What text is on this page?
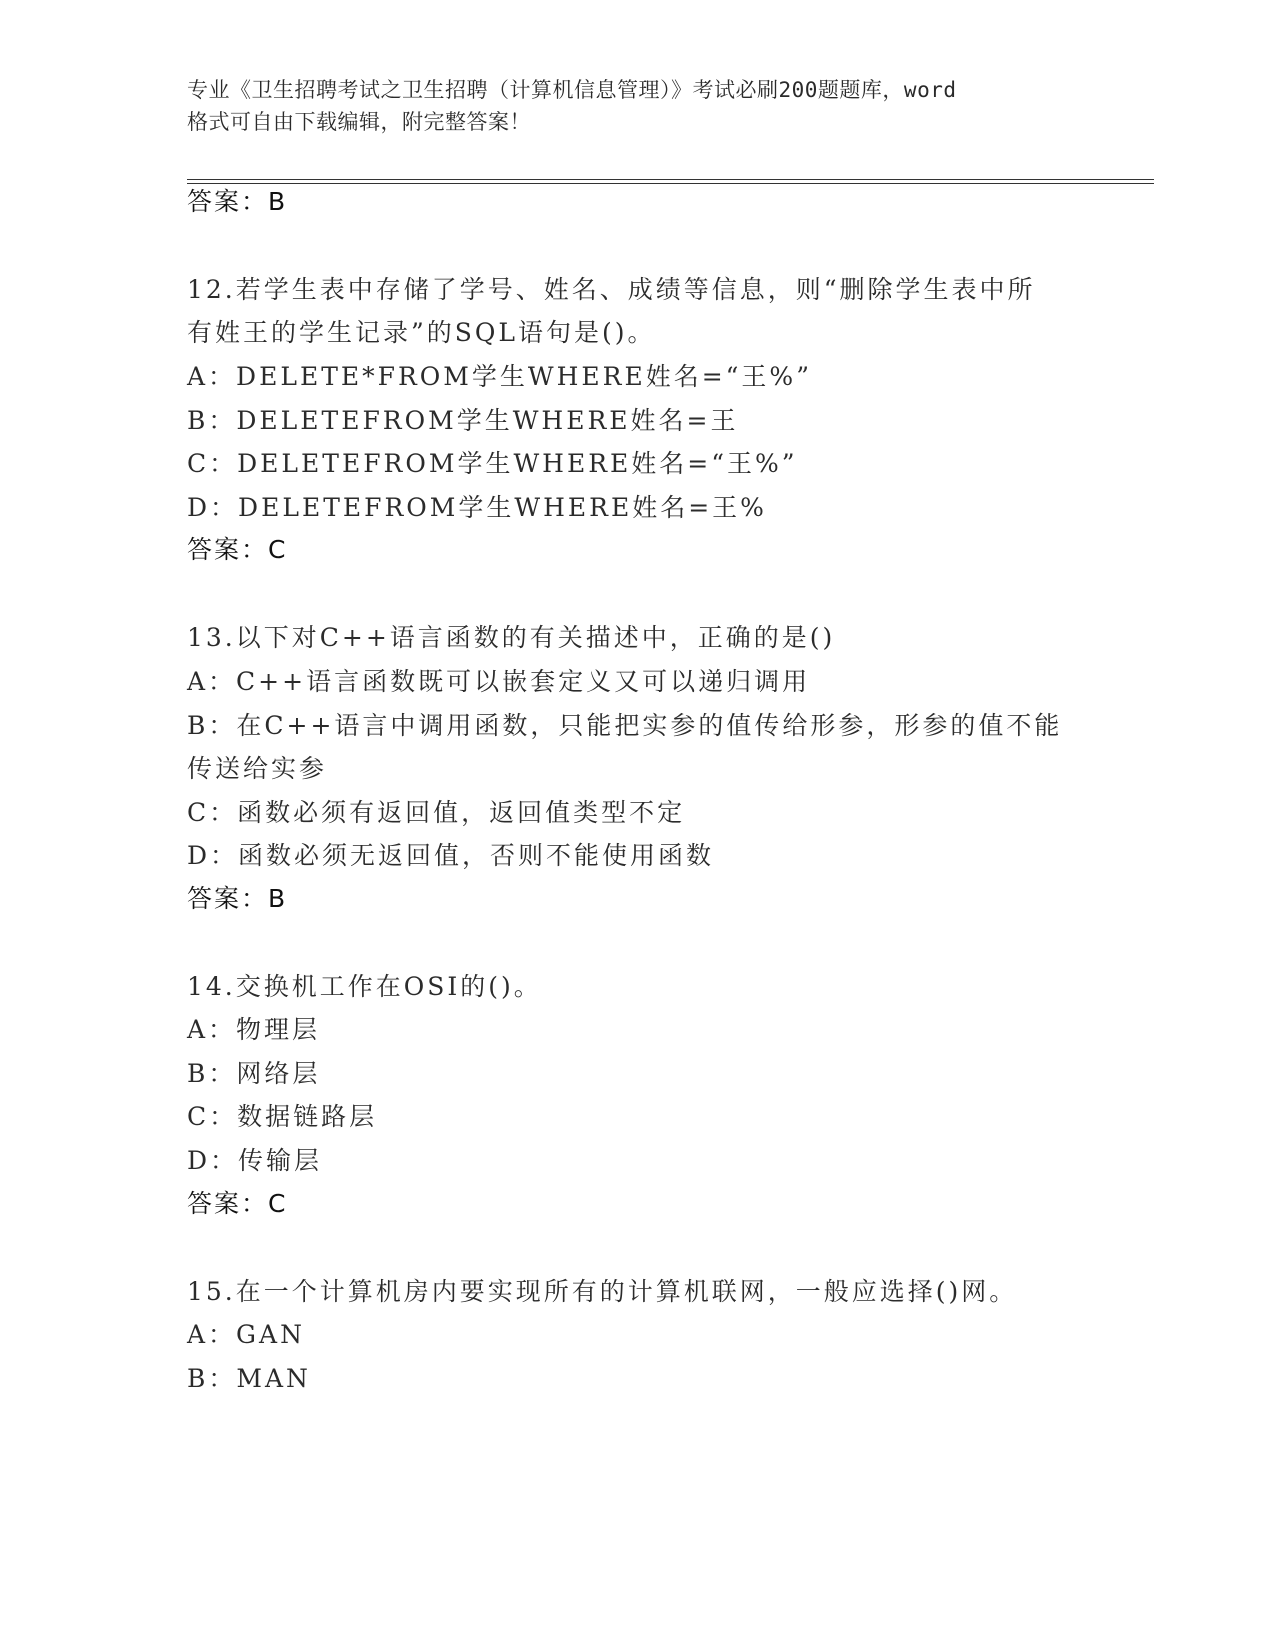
专业《卫生招聘考试之卫生招聘（计算机信息管理）》考试必刷200题题库，word
格式可自由下载编辑，附完整答案！
答案：B
12.若学生表中存储了学号、姓名、成绩等信息，则“删除学生表中所
有姓王的学生记录”的SQL语句是()。
A：DELETE*FROM学生WHERE姓名=“王%”
B：DELETEFROM学生WHERE姓名=王
C：DELETEFROM学生WHERE姓名=“王%”
D：DELETEFROM学生WHERE姓名=王%
答案：C
13.以下对C++语言函数的有关描述中，正确的是()
A：C++语言函数既可以嵌套定义又可以递归调用
B：在C++语言中调用函数，只能把实参的值传给形参，形参的值不能
传送给实参
C：函数必须有返回值，返回值类型不定
D：函数必须无返回值，否则不能使用函数
答案：B
14.交换机工作在OSI的()。
A：物理层
B：网络层
C：数据链路层
D：传输层
答案：C
15.在一个计算机房内要实现所有的计算机联网，一般应选择()网。
A：GAN
B：MAN
